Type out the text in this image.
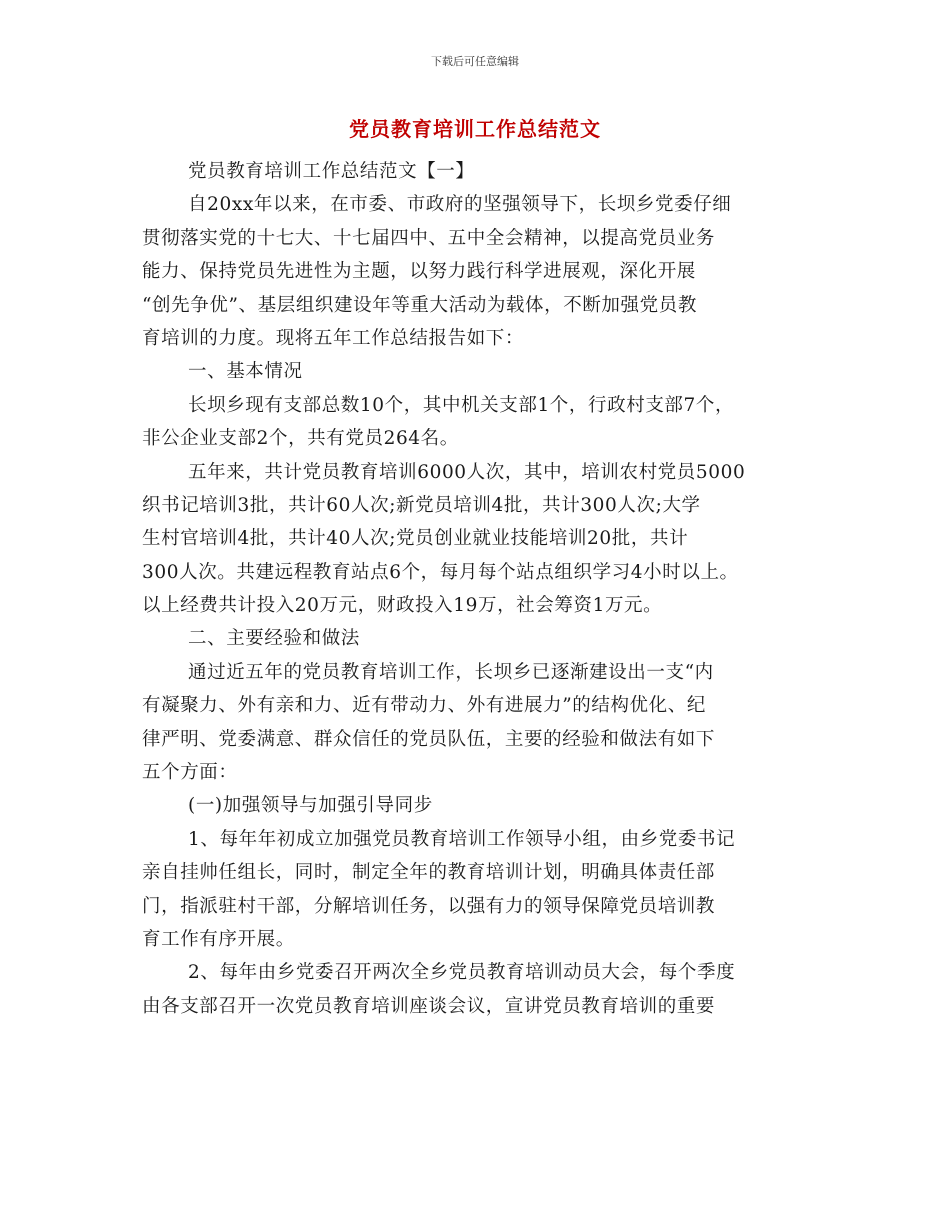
下载后可任意编辑
党员教育培训工作总结范文
党员教育培训工作总结范文【一】
自20xx年以来，在市委、市政府的坚强领导下，长坝乡党委仔细
贯彻落实党的十七大、十七届四中、五中全会精神，以提高党员业务
能力、保持党员先进性为主题，以努力践行科学进展观，深化开展
“创先争优”、基层组织建设年等重大活动为载体，不断加强党员教
育培训的力度。现将五年工作总结报告如下：
一、基本情况
长坝乡现有支部总数10个，其中机关支部1个，行政村支部7个，
非公企业支部2个，共有党员264名。
五年来，共计党员教育培训6000人次，其中，培训农村党员5000
织书记培训3批，共计60人次;新党员培训4批，共计300人次;大学
生村官培训4批，共计40人次;党员创业就业技能培训20批，共计
300人次。共建远程教育站点6个，每月每个站点组织学习4小时以上。
以上经费共计投入20万元，财政投入19万，社会筹资1万元。
二、主要经验和做法
通过近五年的党员教育培训工作，长坝乡已逐渐建设出一支“内
有凝聚力、外有亲和力、近有带动力、外有进展力”的结构优化、纪
律严明、党委满意、群众信任的党员队伍，主要的经验和做法有如下
五个方面：
(一)加强领导与加强引导同步
1、每年年初成立加强党员教育培训工作领导小组，由乡党委书记
亲自挂帅任组长，同时，制定全年的教育培训计划，明确具体责任部
门，指派驻村干部，分解培训任务，以强有力的领导保障党员培训教
育工作有序开展。
2、每年由乡党委召开两次全乡党员教育培训动员大会，每个季度
由各支部召开一次党员教育培训座谈会议，宣讲党员教育培训的重要
